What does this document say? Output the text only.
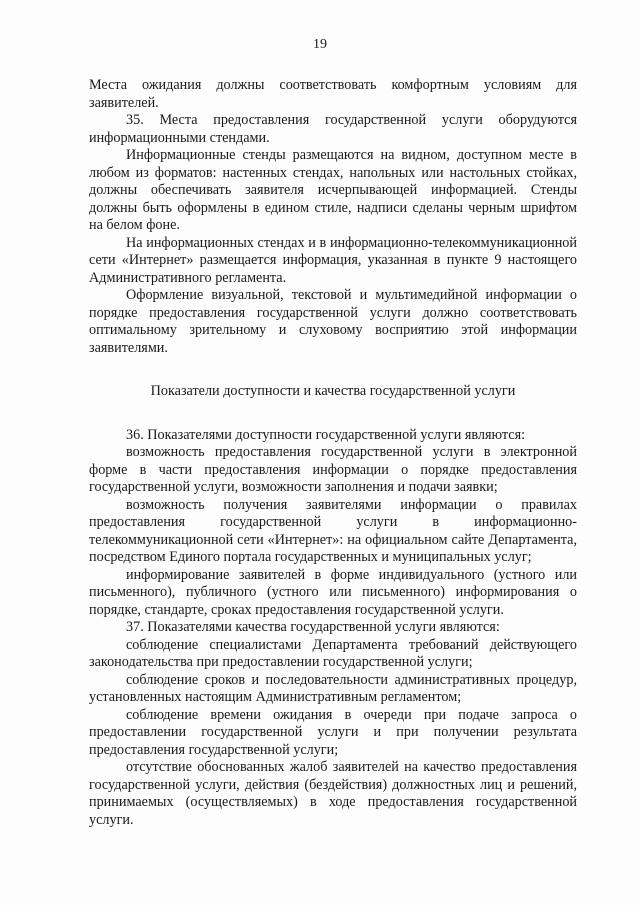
19

Места ожидания должны соответствовать комфортным условиям для заявителей.

35. Места предоставления государственной услуги оборудуются информационными стендами.

Информационные стенды размещаются на видном, доступном месте в любом из форматов: настенных стендах, напольных или настольных стойках, должны обеспечивать заявителя исчерпывающей информацией. Стенды должны быть оформлены в едином стиле, надписи сделаны черным шрифтом на белом фоне.

На информационных стендах и в информационно-телекоммуникационной сети «Интернет» размещается информация, указанная в пункте 9 настоящего Административного регламента.

Оформление визуальной, текстовой и мультимедийной информации о порядке предоставления государственной услуги должно соответствовать оптимальному зрительному и слуховому восприятию этой информации заявителями.

Показатели доступности и качества государственной услуги

36. Показателями доступности государственной услуги являются:

возможность предоставления государственной услуги в электронной форме в части предоставления информации о порядке предоставления государственной услуги, возможности заполнения и подачи заявки;

возможность получения заявителями информации о правилах предоставления государственной услуги в информационно-телекоммуникационной сети «Интернет»: на официальном сайте Департамента, посредством Единого портала государственных и муниципальных услуг;

информирование заявителей в форме индивидуального (устного или письменного), публичного (устного или письменного) информирования о порядке, стандарте, сроках предоставления государственной услуги.

37. Показателями качества государственной услуги являются:

соблюдение специалистами Департамента требований действующего законодательства при предоставлении государственной услуги;

соблюдение сроков и последовательности административных процедур, установленных настоящим Административным регламентом;

соблюдение времени ожидания в очереди при подаче запроса о предоставлении государственной услуги и при получении результата предоставления государственной услуги;

отсутствие обоснованных жалоб заявителей на качество предоставления государственной услуги, действия (бездействия) должностных лиц и решений, принимаемых (осуществляемых) в ходе предоставления государственной услуги.
